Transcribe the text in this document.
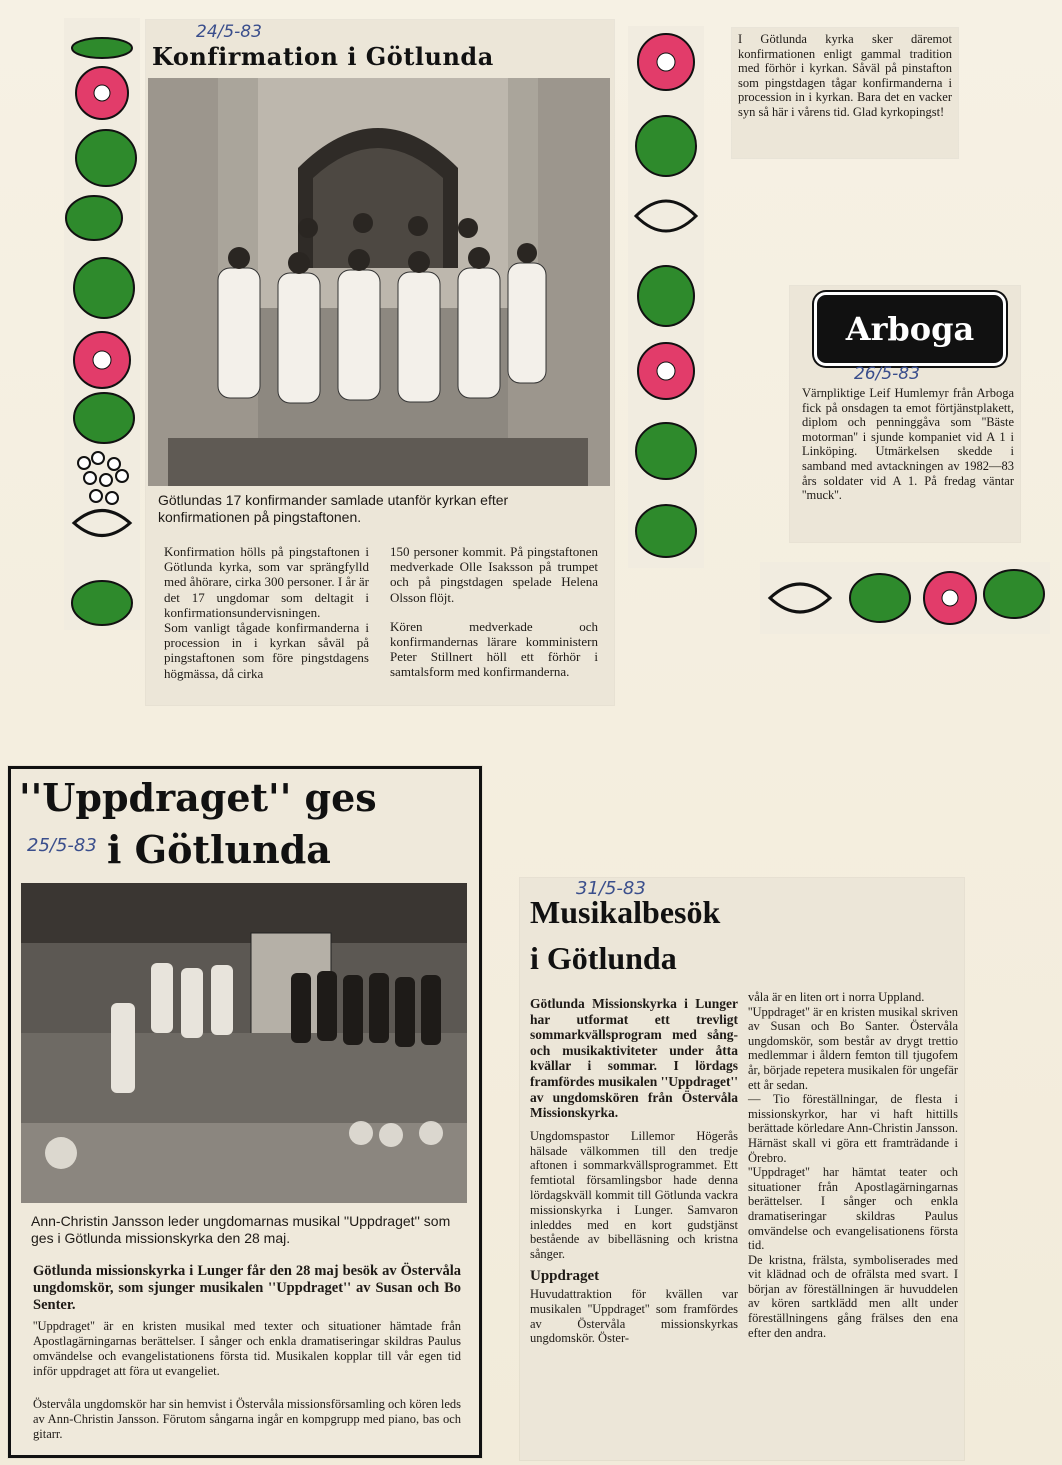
24/5-83
Konfirmation i Götlunda

Götlundas 17 konfirmander samlade utanför kyrkan efter konfirmationen på pingstaftonen.

Konfirmation hölls på pingstaftonen i Götlunda kyrka, som var sprängfylld med åhörare, cirka 300 personer. I år är det 17 ungdomar som deltagit i konfirmationsundervisningen.

Som vanligt tågade konfirmanderna i procession in i kyrkan såväl på pingstaftonen som före pingstdagens högmässa, då cirka

150 personer kommit. På pingstaftonen medverkade Olle Isaksson på trumpet och på pingstdagen spelade Helena Olsson flöjt.

Kören medverkade och konfirmandernas lärare komministern Peter Stillnert höll ett förhör i samtalsform med konfirmanderna.

I Götlunda kyrka sker däremot konfirmationen enligt gammal tradition med förhör i kyrkan. Såväl på pinstafton som pingstdagen tågar konfirmanderna i procession in i kyrkan. Bara det en vacker syn så här i vårens tid. Glad kyrkopingst!

Arboga
26/5-83

Värnpliktige Leif Humlemyr från Arboga fick på onsdagen ta emot förtjänstplakett, diplom och penninggåva som ''Bäste motorman'' i sjunde kompaniet vid A 1 i Linköping. Utmärkelsen skedde i samband med avtackningen av 1982—83 års soldater vid A 1. På fredag väntar ''muck''.

''Uppdraget'' ges
25/5-83 i Götlunda

Ann-Christin Jansson leder ungdomarnas musikal ''Uppdraget'' som ges i Götlunda missionskyrka den 28 maj.

Götlunda missionskyrka i Lunger får den 28 maj besök av Östervåla ungdomskör, som sjunger musikalen ''Uppdraget'' av Susan och Bo Senter.

''Uppdraget'' är en kristen musikal med texter och situationer hämtade från Apostlagärningarnas berättelser. I sånger och enkla dramatiseringar skildras Paulus omvändelse och evangelistationens första tid. Musikalen kopplar till vår egen tid inför uppdraget att föra ut evangeliet.

Östervåla ungdomskör har sin hemvist i Östervåla missionsförsamling och kören leds av Ann-Christin Jansson. Förutom sångarna ingår en kompgrupp med piano, bas och gitarr.

31/5-83
Musikalbesök
i Götlunda

Götlunda Missionskyrka i Lunger har utformat ett trevligt sommarkvällsprogram med sång- och musikaktiviteter under åtta kvällar i sommar. I lördags framfördes musikalen ''Uppdraget'' av ungdomskören från Östervåla Missionskyrka.

Ungdomspastor Lillemor Högerås hälsade välkommen till den tredje aftonen i sommarkvällsprogrammet. Ett femtiotal församlingsbor hade denna lördagskväll kommit till Götlunda vackra missionskyrka i Lunger. Samvaron inleddes med en kort gudstjänst bestående av bibelläsning och kristna sånger.

Uppdraget

Huvudattraktion för kvällen var musikalen ''Uppdraget'' som framfördes av Östervåla missionskyrkas ungdomskör. Öster-

våla är en liten ort i norra Uppland.

''Uppdraget'' är en kristen musikal skriven av Susan och Bo Santer. Östervåla ungdomskör, som består av drygt trettio medlemmar i åldern femton till tjugofem år, började repetera musikalen för ungefär ett år sedan.

— Tio föreställningar, de flesta i missionskyrkor, har vi haft hittills berättade körledare Ann-Christin Jansson. Härnäst skall vi göra ett framträdande i Örebro.

''Uppdraget'' har hämtat teater och situationer från Apostlagärningarnas berättelser. I sånger och enkla dramatiseringar skildras Paulus omvändelse och evangelisationens första tid.

De kristna, frälsta, symboliserades med vit klädnad och de ofrälsta med svart. I början av föreställningen är huvuddelen av kören sartklädd men allt under föreställningens gång frälses den ena efter den andra.
